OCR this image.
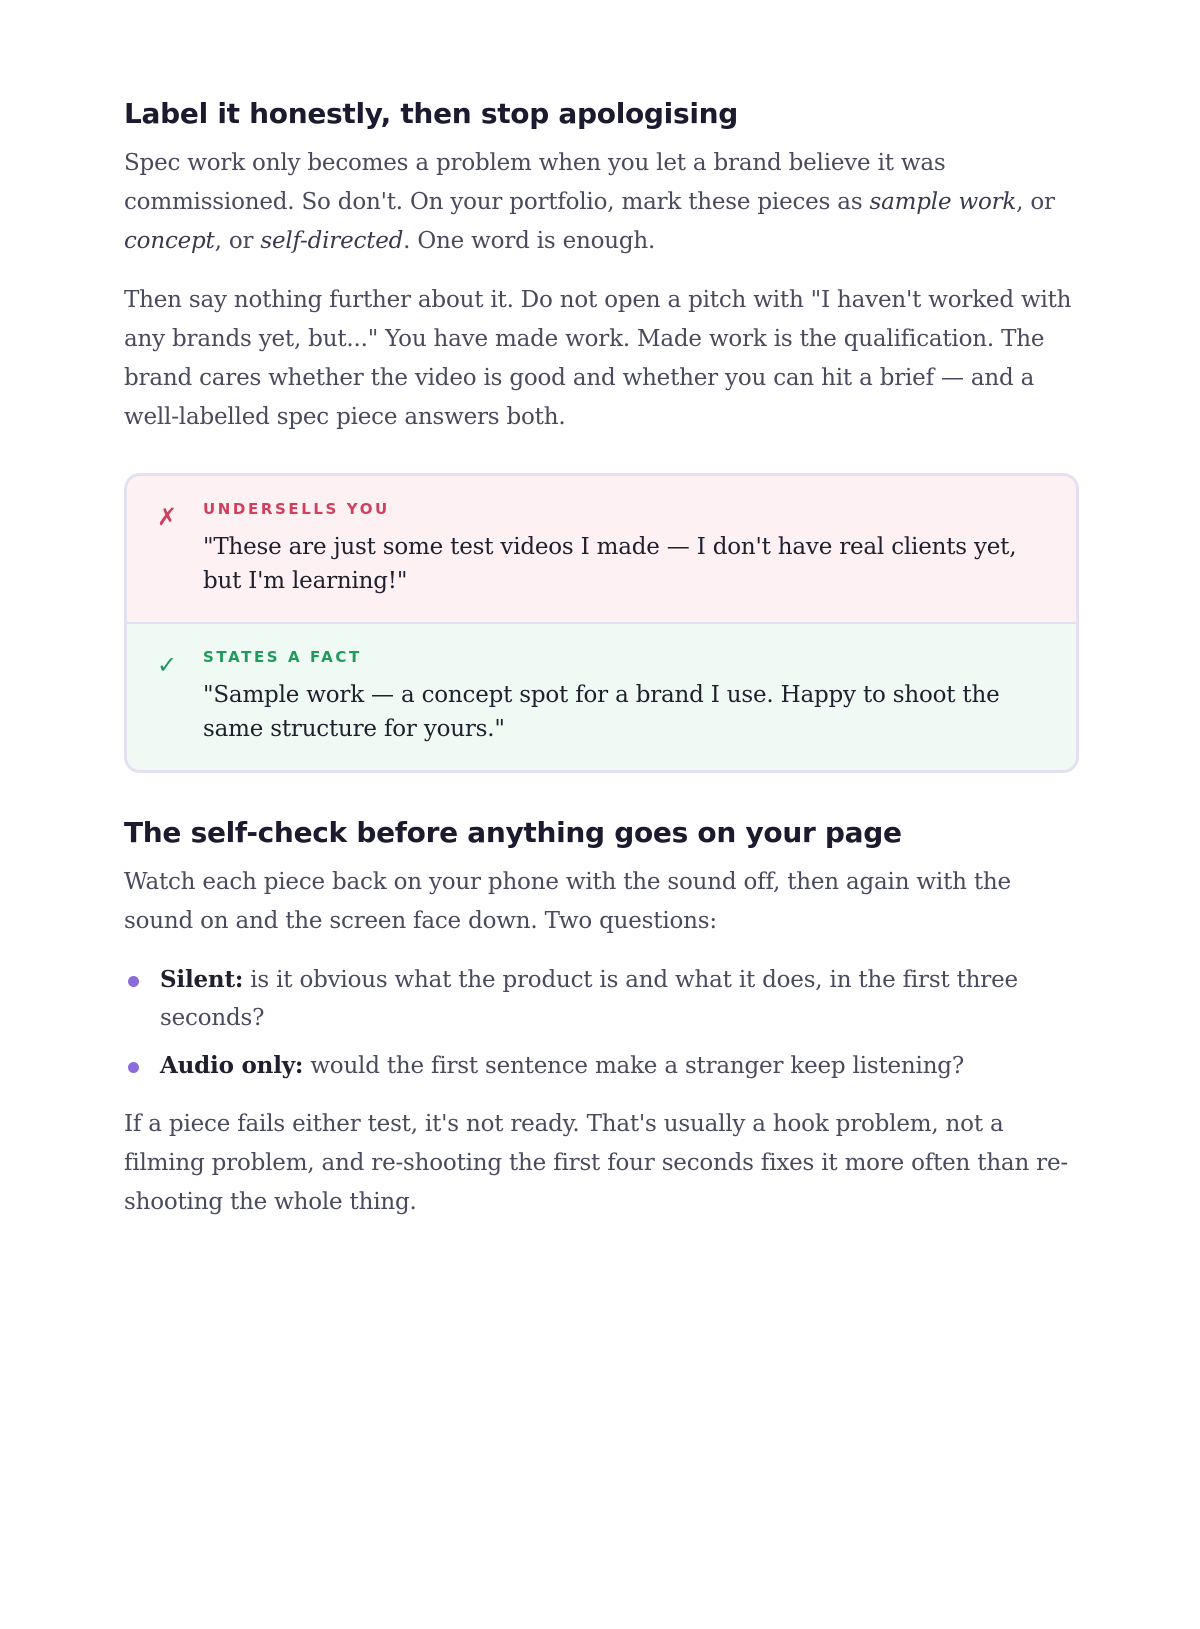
Label it honestly, then stop apologising

Spec work only becomes a problem when you let a brand believe it was commissioned. So don't. On your portfolio, mark these pieces as sample work, or concept, or self-directed. One word is enough.

Then say nothing further about it. Do not open a pitch with "I haven't worked with any brands yet, but..." You have made work. Made work is the qualification. The brand cares whether the video is good and whether you can hit a brief — and a well-labelled spec piece answers both.

✗ UNDERSELLS YOU
"These are just some test videos I made — I don't have real clients yet, but I'm learning!"
✓ STATES A FACT
"Sample work — a concept spot for a brand I use. Happy to shoot the same structure for yours."
The self-check before anything goes on your page

Watch each piece back on your phone with the sound off, then again with the sound on and the screen face down. Two questions:

Silent: is it obvious what the product is and what it does, in the first three seconds?
Audio only: would the first sentence make a stranger keep listening?

If a piece fails either test, it's not ready. That's usually a hook problem, not a filming problem, and re-shooting the first four seconds fixes it more often than re-shooting the whole thing.
